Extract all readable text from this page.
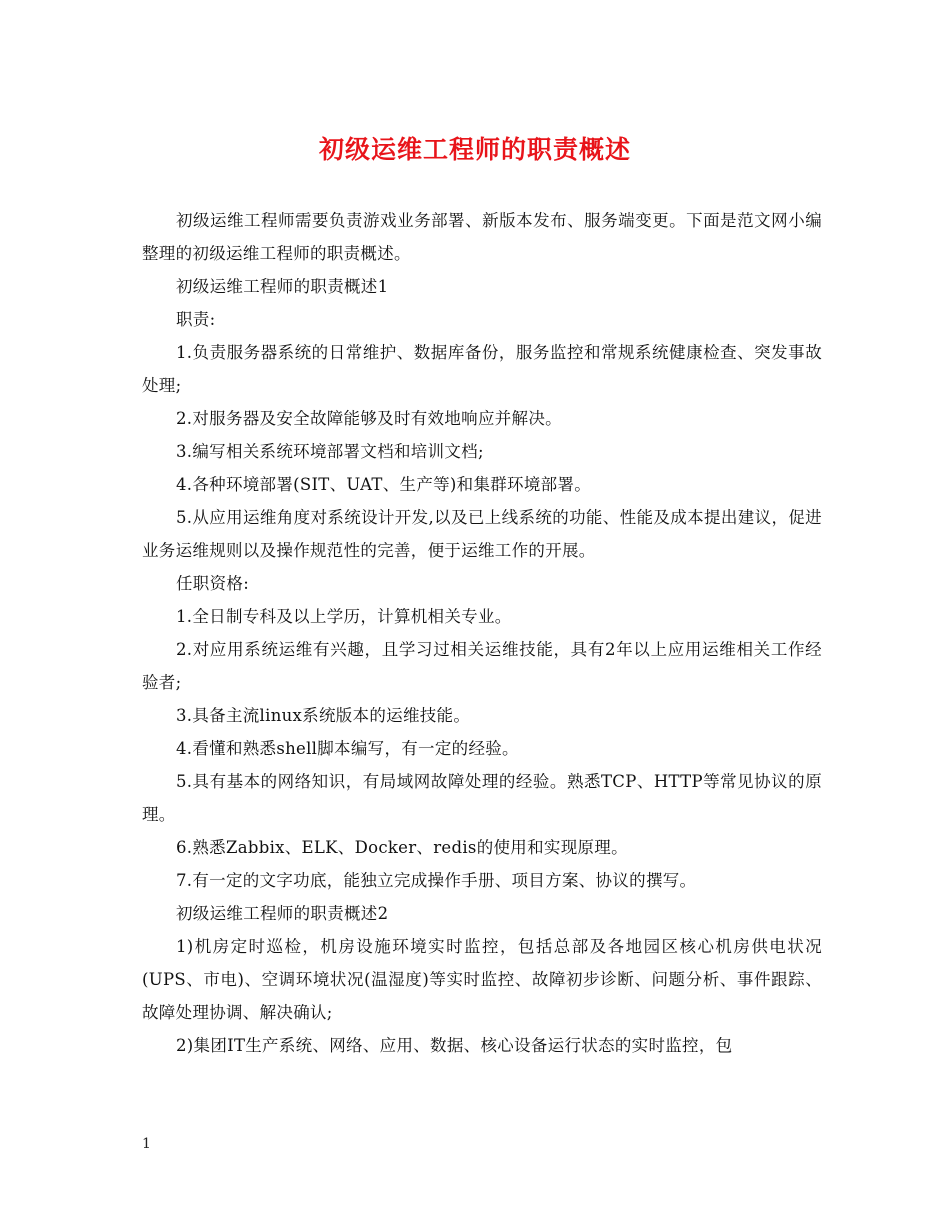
初级运维工程师的职责概述

初级运维工程师需要负责游戏业务部署、新版本发布、服务端变更。下面是范文网小编整理的初级运维工程师的职责概述。

初级运维工程师的职责概述1

职责:

1.负责服务器系统的日常维护、数据库备份，服务监控和常规系统健康检查、突发事故处理;

2.对服务器及安全故障能够及时有效地响应并解决。

3.编写相关系统环境部署文档和培训文档;

4.各种环境部署(SIT、UAT、生产等)和集群环境部署。

5.从应用运维角度对系统设计开发,以及已上线系统的功能、性能及成本提出建议，促进业务运维规则以及操作规范性的完善，便于运维工作的开展。

任职资格:

1.全日制专科及以上学历，计算机相关专业。

2.对应用系统运维有兴趣，且学习过相关运维技能，具有2年以上应用运维相关工作经验者;

3.具备主流linux系统版本的运维技能。

4.看懂和熟悉shell脚本编写，有一定的经验。

5.具有基本的网络知识，有局域网故障处理的经验。熟悉TCP、HTTP等常见协议的原理。

6.熟悉Zabbix、ELK、Docker、redis的使用和实现原理。

7.有一定的文字功底，能独立完成操作手册、项目方案、协议的撰写。

初级运维工程师的职责概述2

1)机房定时巡检，机房设施环境实时监控，包括总部及各地园区核心机房供电状况(UPS、市电)、空调环境状况(温湿度)等实时监控、故障初步诊断、问题分析、事件跟踪、故障处理协调、解决确认;

2)集团IT生产系统、网络、应用、数据、核心设备运行状态的实时监控，包

1
